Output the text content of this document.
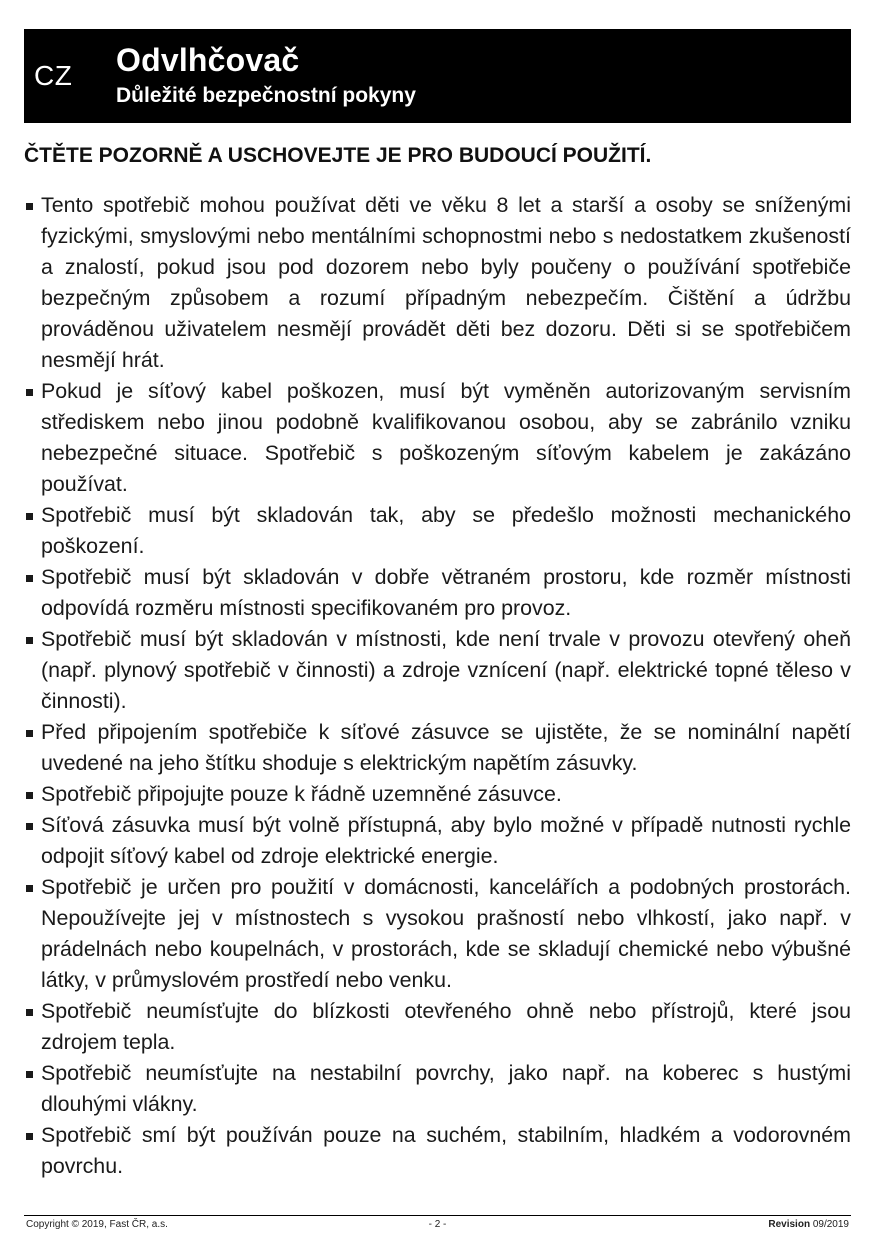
CZ Odvlhčovač
Důležité bezpečnostní pokyny
ČTĚTE POZORNĚ A USCHOVEJTE JE PRO BUDOUCÍ POUŽITÍ.
Tento spotřebič mohou používat děti ve věku 8 let a starší a osoby se sníženými fyzickými, smyslovými nebo mentálními schopnostmi nebo s nedostatkem zkušeností a znalostí, pokud jsou pod dozorem nebo byly poučeny o používání spotřebiče bezpečným způsobem a rozumí případným nebezpečím. Čištění a údržbu prováděnou uživatelem nesmějí provádět děti bez dozoru. Děti si se spotřebičem nesmějí hrát.
Pokud je síťový kabel poškozen, musí být vyměněn autorizovaným servisním střediskem nebo jinou podobně kvalifikovanou osobou, aby se zabránilo vzniku nebezpečné situace. Spotřebič s poškozeným síťovým kabelem je zakázáno používat.
Spotřebič musí být skladován tak, aby se předešlo možnosti mechanického poškození.
Spotřebič musí být skladován v dobře větraném prostoru, kde rozměr místnosti odpovídá rozměru místnosti specifikovaném pro provoz.
Spotřebič musí být skladován v místnosti, kde není trvale v provozu otevřený oheň (např. plynový spotřebič v činnosti) a zdroje vznícení (např. elektrické topné těleso v činnosti).
Před připojením spotřebiče k síťové zásuvce se ujistěte, že se nominální napětí uvedené na jeho štítku shoduje s elektrickým napětím zásuvky.
Spotřebič připojujte pouze k řádně uzemněné zásuvce.
Síťová zásuvka musí být volně přístupná, aby bylo možné v případě nutnosti rychle odpojit síťový kabel od zdroje elektrické energie.
Spotřebič je určen pro použití v domácnosti, kancelářích a podobných prostorách. Nepoužívejte jej v místnostech s vysokou prašností nebo vlhkostí, jako např. v prádelnách nebo koupelnách, v prostorách, kde se skladují chemické nebo výbušné látky, v průmyslovém prostředí nebo venku.
Spotřebič neumísťujte do blízkosti otevřeného ohně nebo přístrojů, které jsou zdrojem tepla.
Spotřebič neumísťujte na nestabilní povrchy, jako např. na koberec s hustými dlouhými vlákny.
Spotřebič smí být používán pouze na suchém, stabilním, hladkém a vodorovném povrchu.
Copyright © 2019, Fast ČR, a.s.	- 2 -	Revision 09/2019
